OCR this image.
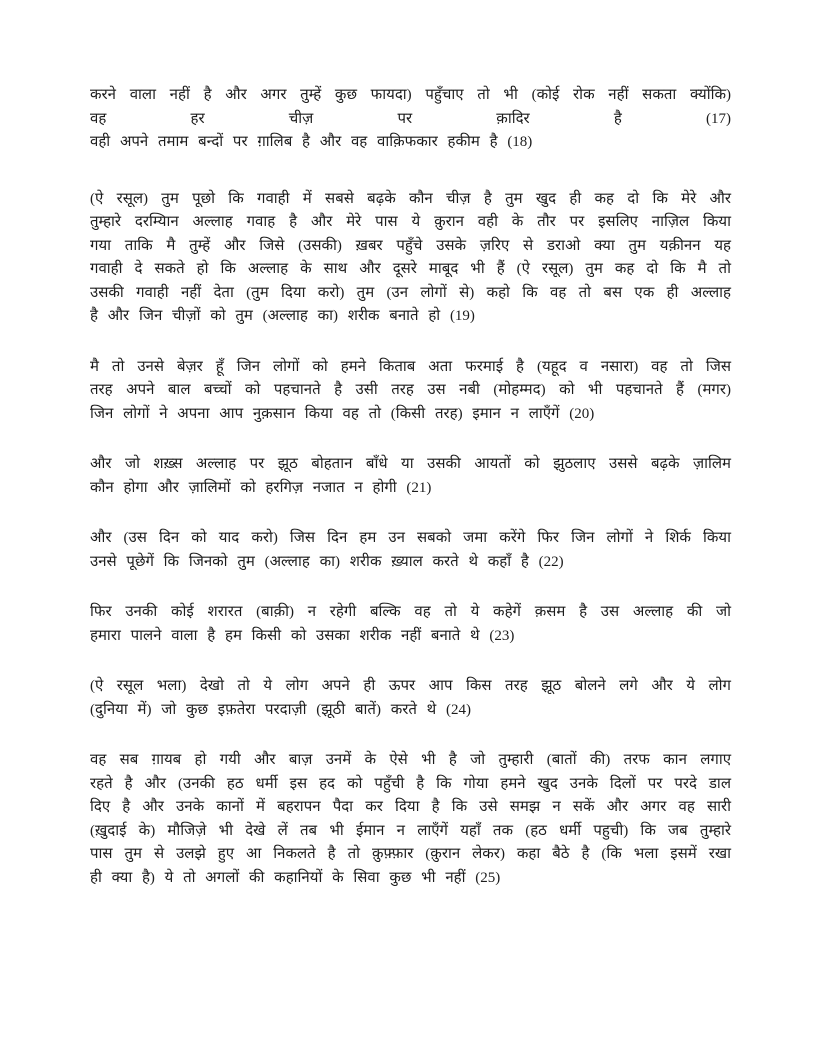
करने वाला नहीं है और अगर तुम्हें कुछ फायदा) पहुँचाए तो भी (कोई रोक नहीं सकता क्योंकि)
वह हर चीज़ पर क़ादिर है (17)
वही अपने तमाम बन्दों पर ग़ालिब है और वह वाक़िफकार हकीम है (18)
(ऐ रसूल) तुम पूछो कि गवाही में सबसे बढ़के कौन चीज़ है तुम खुद ही कह दो कि मेरे और
तुम्हारे दरम्यिान अल्लाह गवाह है और मेरे पास ये क़ुरान वही के तौर पर इसलिए नाज़िल किया
गया ताकि मै तुम्हें और जिसे (उसकी) ख़बर पहुँचे उसके ज़रिए से डराओ क्या तुम यक़ीनन यह
गवाही दे सकते हो कि अल्लाह के साथ और दूसरे माबूद भी हैं (ऐ रसूल) तुम कह दो कि मै तो
उसकी गवाही नहीं देता (तुम दिया करो) तुम (उन लोगों से) कहो कि वह तो बस एक ही अल्लाह
है और जिन चीज़ों को तुम (अल्लाह का) शरीक बनाते हो (19)
मै तो उनसे बेज़र हूँ जिन लोगों को हमने किताब अता फरमाई है (यहूद व नसारा) वह तो जिस
तरह अपने बाल बच्चों को पहचानते है उसी तरह उस नबी (मोहम्मद) को भी पहचानते हैं (मगर)
जिन लोगों ने अपना आप नुक़सान किया वह तो (किसी तरह) इमान न लाएँगें (20)
और जो शख़्स अल्लाह पर झूठ बोहतान बाँधे या उसकी आयतों को झुठलाए उससे बढ़के ज़ालिम
कौन होगा और ज़ालिमों को हरगिज़ नजात न होगी (21)
और (उस दिन को याद करो) जिस दिन हम उन सबको जमा करेंगे फिर जिन लोगों ने शिर्क किया
उनसे पूछेगें कि जिनको तुम (अल्लाह का) शरीक ख़्याल करते थे कहाँ है (22)
फिर उनकी कोई शरारत (बाक़ी) न रहेगी बल्कि वह तो ये कहेगें क़सम है उस अल्लाह की जो
हमारा पालने वाला है हम किसी को उसका शरीक नहीं बनाते थे (23)
(ऐ रसूल भला) देखो तो ये लोग अपने ही ऊपर आप किस तरह झूठ बोलने लगे और ये लोग
(दुनिया में) जो कुछ इफ़तेरा परदाज़ी (झूठी बातें) करते थे (24)
वह सब ग़ायब हो गयी और बाज़ उनमें के ऐसे भी है जो तुम्हारी (बातों की) तरफ कान लगाए
रहते है और (उनकी हठ धर्मी इस हद को पहुँची है कि गोया हमने खुद उनके दिलों पर परदे डाल
दिए है और उनके कानों में बहरापन पैदा कर दिया है कि उसे समझ न सकें और अगर वह सारी
(ख़ुदाई के) मौजिज़े भी देखे लें तब भी ईमान न लाएँगें यहाँ तक (हठ धर्मी पहुची) कि जब तुम्हारे
पास तुम से उलझे हुए आ निकलते है तो क़ुफ़्फ़ार (क़ुरान लेकर) कहा बैठे है (कि भला इसमें रखा
ही क्या है) ये तो अगलों की कहानियों के सिवा कुछ भी नहीं (25)
